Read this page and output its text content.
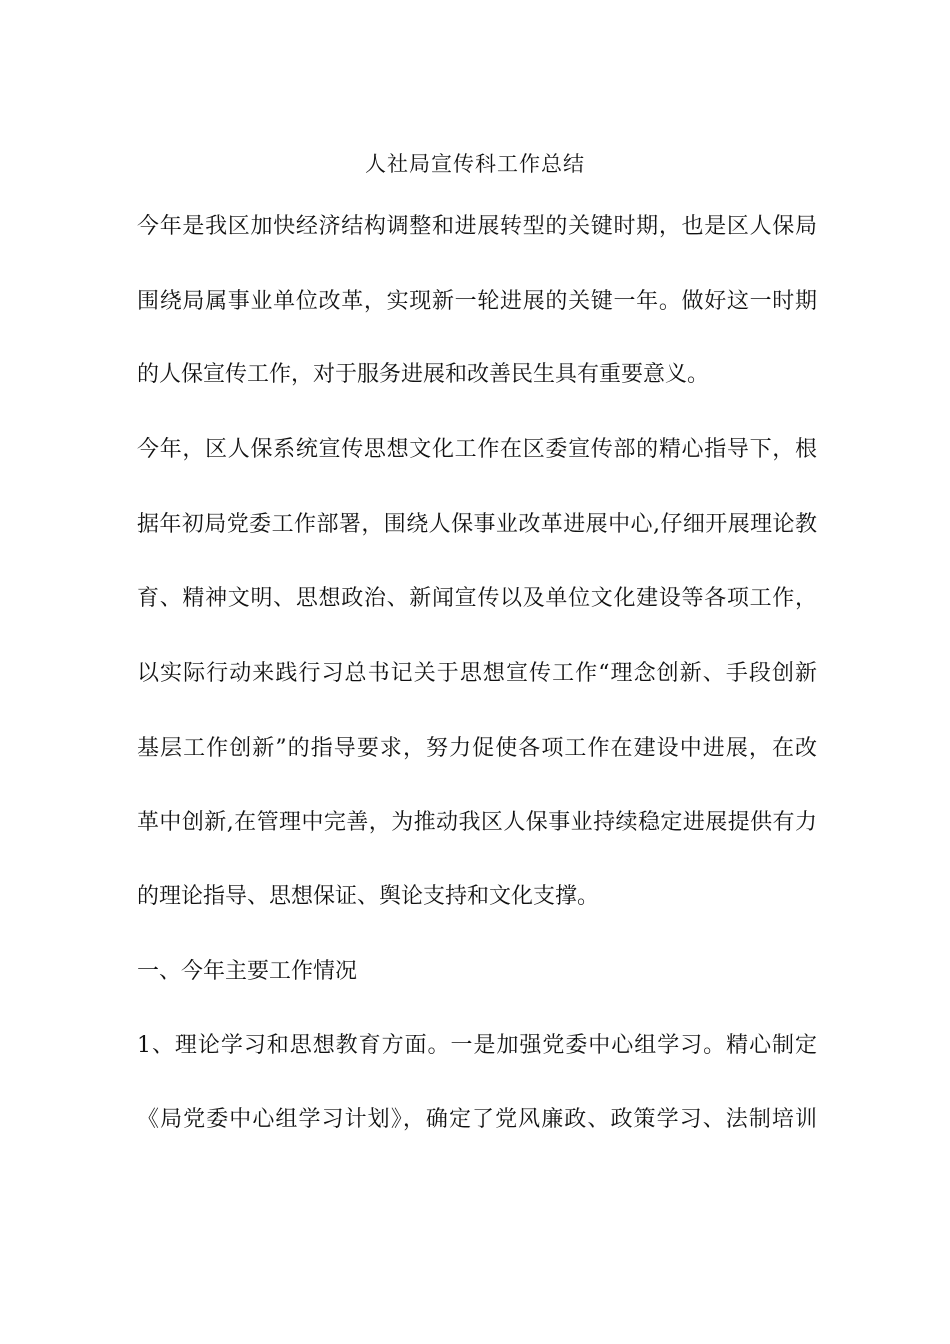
人社局宣传科工作总结
今年是我区加快经济结构调整和进展转型的关键时期，也是区人保局
围绕局属事业单位改革，实现新一轮进展的关键一年。做好这一时期
的人保宣传工作，对于服务进展和改善民生具有重要意义。
今年，区人保系统宣传思想文化工作在区委宣传部的精心指导下，根
据年初局党委工作部署，围绕人保事业改革进展中心,仔细开展理论教
育、精神文明、思想政治、新闻宣传以及单位文化建设等各项工作，
以实际行动来践行习总书记关于思想宣传工作“理念创新、手段创新
基层工作创新”的指导要求，努力促使各项工作在建设中进展，在改
革中创新,在管理中完善，为推动我区人保事业持续稳定进展提供有力
的理论指导、思想保证、舆论支持和文化支撑。
一、今年主要工作情况
1、理论学习和思想教育方面。一是加强党委中心组学习。精心制定
《局党委中心组学习计划》，确定了党风廉政、政策学习、法制培训
